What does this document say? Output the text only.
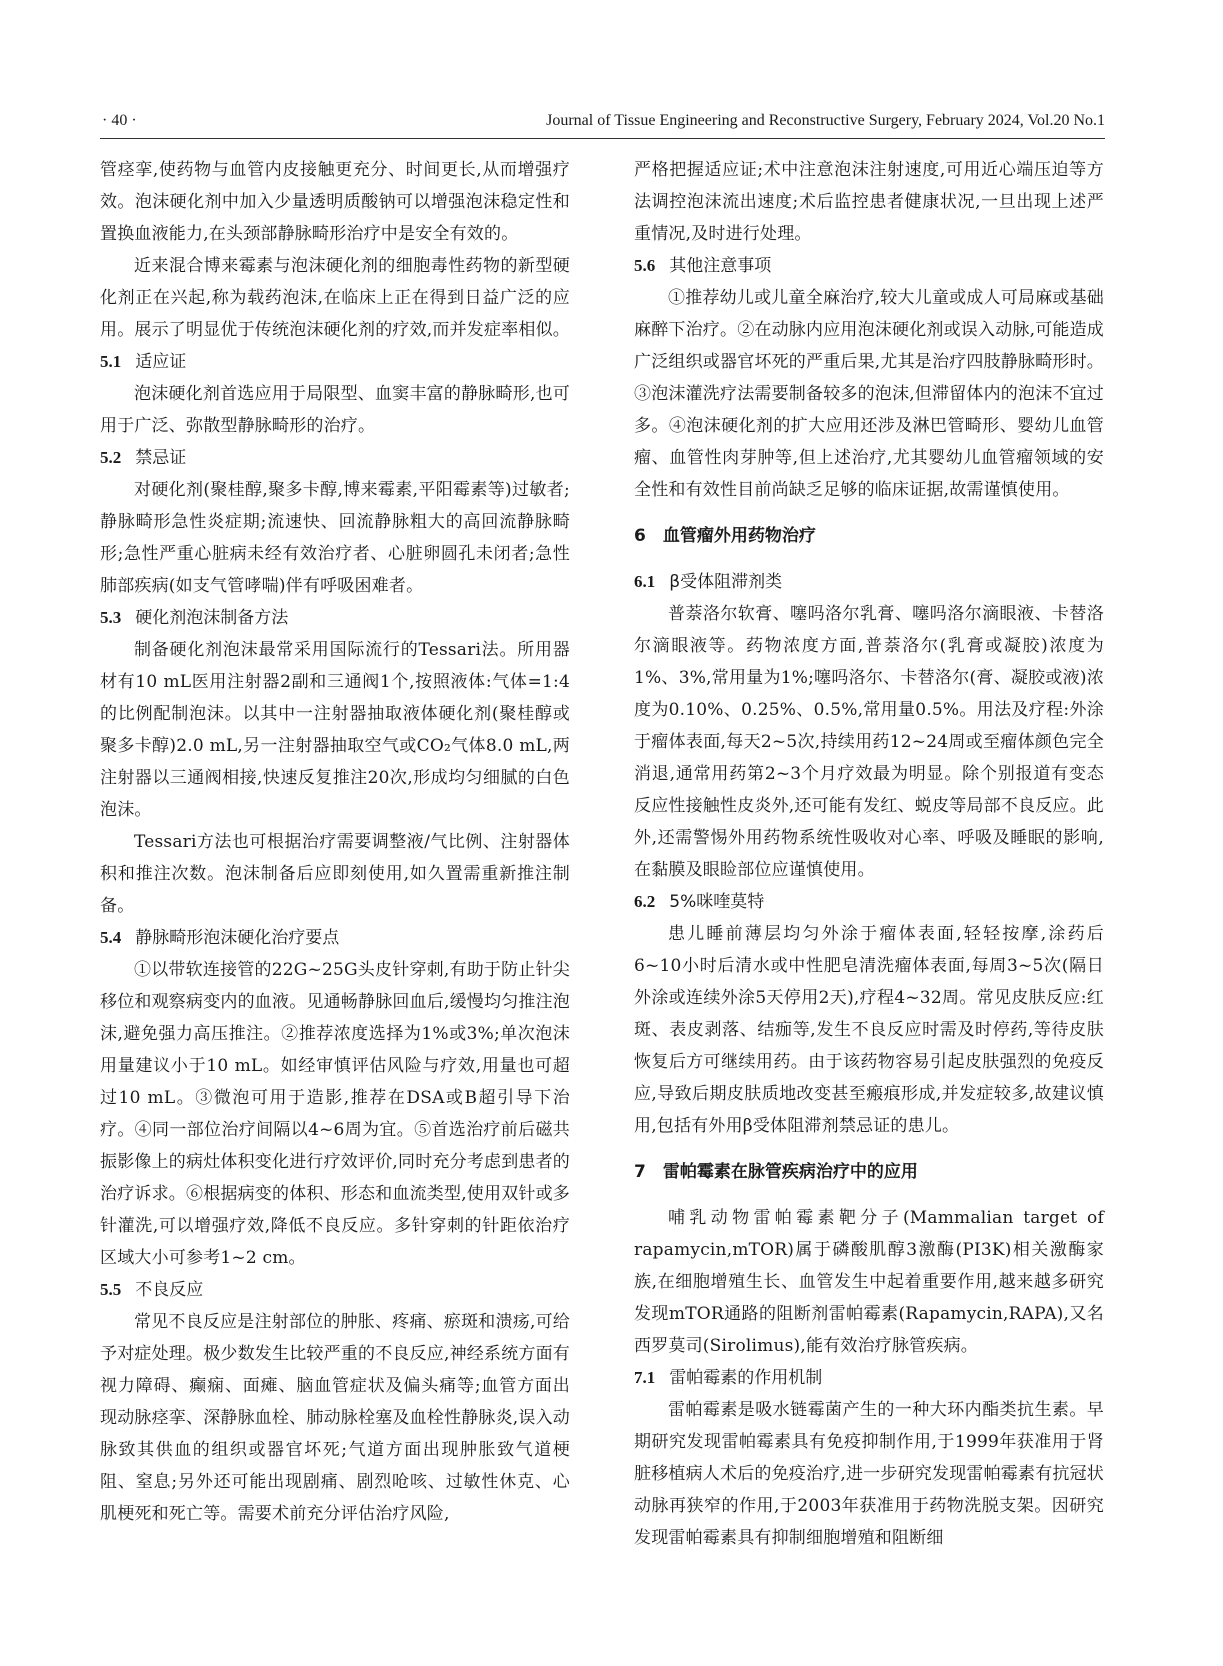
· 40 ·	Journal of Tissue Engineering and Reconstructive Surgery, February 2024, Vol.20 No.1

管痉挛,使药物与血管内皮接触更充分、时间更长,从而增强疗效。泡沫硬化剂中加入少量透明质酸钠可以增强泡沫稳定性和置换血液能力,在头颈部静脉畸形治疗中是安全有效的。

近来混合博来霉素与泡沫硬化剂的细胞毒性药物的新型硬化剂正在兴起,称为载药泡沫,在临床上正在得到日益广泛的应用。展示了明显优于传统泡沫硬化剂的疗效,而并发症率相似。

5.1 适应证

泡沫硬化剂首选应用于局限型、血窦丰富的静脉畸形,也可用于广泛、弥散型静脉畸形的治疗。

5.2 禁忌证

对硬化剂(聚桂醇,聚多卡醇,博来霉素,平阳霉素等)过敏者;静脉畸形急性炎症期;流速快、回流静脉粗大的高回流静脉畸形;急性严重心脏病未经有效治疗者、心脏卵圆孔未闭者;急性肺部疾病(如支气管哮喘)伴有呼吸困难者。

5.3 硬化剂泡沫制备方法

制备硬化剂泡沫最常采用国际流行的Tessari法。所用器材有10 mL医用注射器2副和三通阀1个,按照液体:气体=1:4的比例配制泡沫。以其中一注射器抽取液体硬化剂(聚桂醇或聚多卡醇)2.0 mL,另一注射器抽取空气或CO₂气体8.0 mL,两注射器以三通阀相接,快速反复推注20次,形成均匀细腻的白色泡沫。

Tessari方法也可根据治疗需要调整液/气比例、注射器体积和推注次数。泡沫制备后应即刻使用,如久置需重新推注制备。

5.4 静脉畸形泡沫硬化治疗要点

①以带软连接管的22G~25G头皮针穿刺,有助于防止针尖移位和观察病变内的血液。见通畅静脉回血后,缓慢均匀推注泡沫,避免强力高压推注。②推荐浓度选择为1%或3%;单次泡沫用量建议小于10 mL。如经审慎评估风险与疗效,用量也可超过10 mL。③微泡可用于造影,推荐在DSA或B超引导下治疗。④同一部位治疗间隔以4~6周为宜。⑤首选治疗前后磁共振影像上的病灶体积变化进行疗效评价,同时充分考虑到患者的治疗诉求。⑥根据病变的体积、形态和血流类型,使用双针或多针灌洗,可以增强疗效,降低不良反应。多针穿刺的针距依治疗区域大小可参考1~2 cm。

5.5 不良反应

常见不良反应是注射部位的肿胀、疼痛、瘀斑和溃疡,可给予对症处理。极少数发生比较严重的不良反应,神经系统方面有视力障碍、癫痫、面瘫、脑血管症状及偏头痛等;血管方面出现动脉痉挛、深静脉血栓、肺动脉栓塞及血栓性静脉炎,误入动脉致其供血的组织或器官坏死;气道方面出现肿胀致气道梗阻、窒息;另外还可能出现剧痛、剧烈呛咳、过敏性休克、心肌梗死和死亡等。需要术前充分评估治疗风险,

严格把握适应证;术中注意泡沫注射速度,可用近心端压迫等方法调控泡沫流出速度;术后监控患者健康状况,一旦出现上述严重情况,及时进行处理。

5.6 其他注意事项

①推荐幼儿或儿童全麻治疗,较大儿童或成人可局麻或基础麻醉下治疗。②在动脉内应用泡沫硬化剂或误入动脉,可能造成广泛组织或器官坏死的严重后果,尤其是治疗四肢静脉畸形时。③泡沫灌洗疗法需要制备较多的泡沫,但滞留体内的泡沫不宜过多。④泡沫硬化剂的扩大应用还涉及淋巴管畸形、婴幼儿血管瘤、血管性肉芽肿等,但上述治疗,尤其婴幼儿血管瘤领域的安全性和有效性目前尚缺乏足够的临床证据,故需谨慎使用。

6　血管瘤外用药物治疗
6.1 β受体阻滞剂类

普萘洛尔软膏、噻吗洛尔乳膏、噻吗洛尔滴眼液、卡替洛尔滴眼液等。药物浓度方面,普萘洛尔(乳膏或凝胶)浓度为1%、3%,常用量为1%;噻吗洛尔、卡替洛尔(膏、凝胶或液)浓度为0.10%、0.25%、0.5%,常用量0.5%。用法及疗程:外涂于瘤体表面,每天2~5次,持续用药12~24周或至瘤体颜色完全消退,通常用药第2~3个月疗效最为明显。除个别报道有变态反应性接触性皮炎外,还可能有发红、蜕皮等局部不良反应。此外,还需警惕外用药物系统性吸收对心率、呼吸及睡眠的影响,在黏膜及眼睑部位应谨慎使用。

6.2 5%咪喹莫特

患儿睡前薄层均匀外涂于瘤体表面,轻轻按摩,涂药后6~10小时后清水或中性肥皂清洗瘤体表面,每周3~5次(隔日外涂或连续外涂5天停用2天),疗程4~32周。常见皮肤反应:红斑、表皮剥落、结痂等,发生不良反应时需及时停药,等待皮肤恢复后方可继续用药。由于该药物容易引起皮肤强烈的免疫反应,导致后期皮肤质地改变甚至瘢痕形成,并发症较多,故建议慎用,包括有外用β受体阻滞剂禁忌证的患儿。

7　雷帕霉素在脉管疾病治疗中的应用

哺乳动物雷帕霉素靶分子(Mammalian target of rapamycin,mTOR)属于磷酸肌醇3激酶(PI3K)相关激酶家族,在细胞增殖生长、血管发生中起着重要作用,越来越多研究发现mTOR通路的阻断剂雷帕霉素(Rapamycin,RAPA),又名西罗莫司(Sirolimus),能有效治疗脉管疾病。

7.1 雷帕霉素的作用机制

雷帕霉素是吸水链霉菌产生的一种大环内酯类抗生素。早期研究发现雷帕霉素具有免疫抑制作用,于1999年获准用于肾脏移植病人术后的免疫治疗,进一步研究发现雷帕霉素有抗冠状动脉再狭窄的作用,于2003年获准用于药物洗脱支架。因研究发现雷帕霉素具有抑制细胞增殖和阻断细
